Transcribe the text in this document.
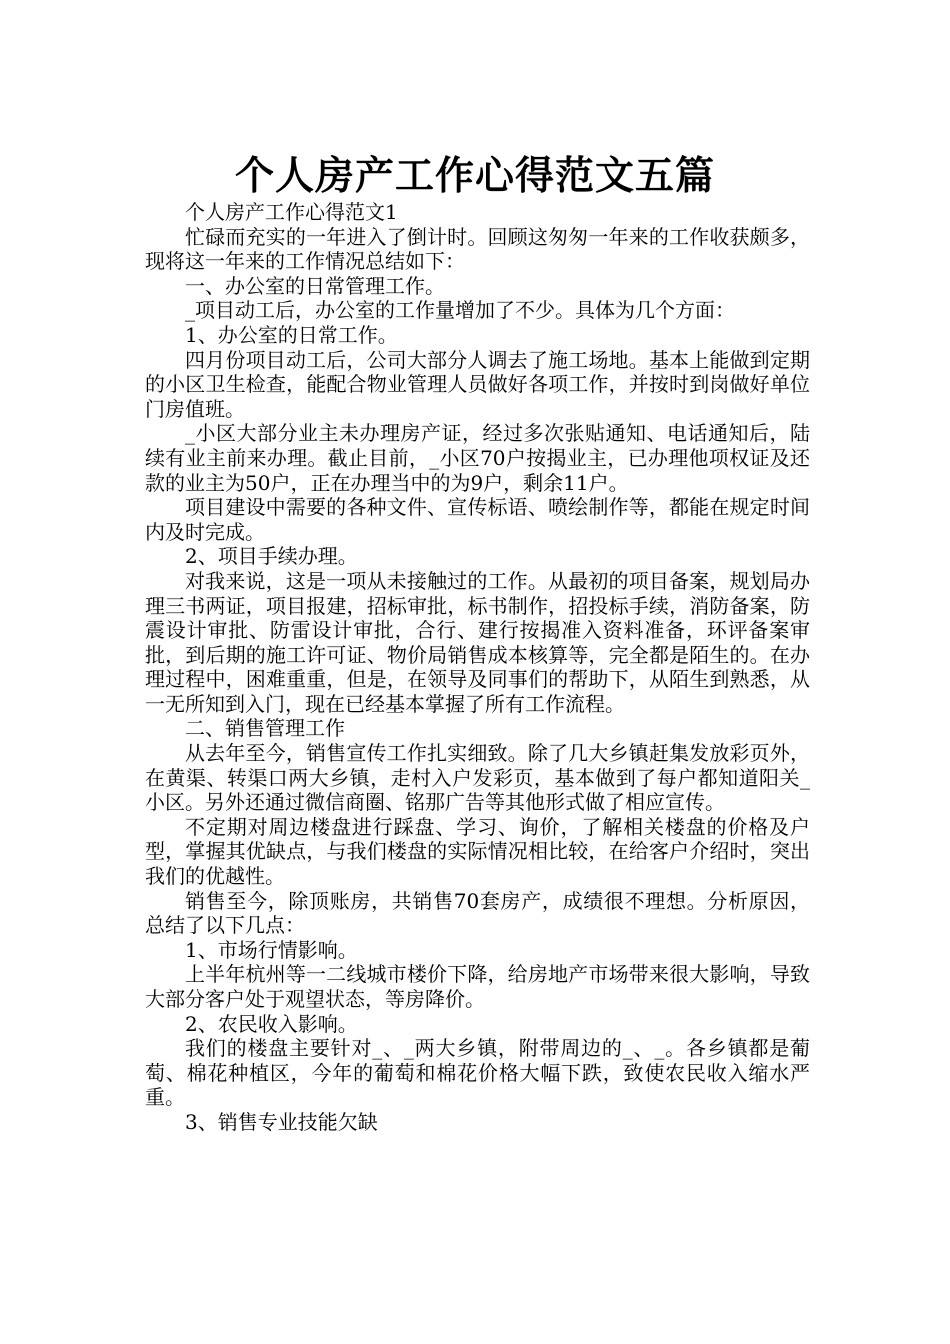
个人房产工作心得范文五篇

个人房产工作心得范文1

忙碌而充实的一年进入了倒计时。回顾这匆匆一年来的工作收获颇多，现将这一年来的工作情况总结如下：

一、办公室的日常管理工作。

_项目动工后，办公室的工作量增加了不少。具体为几个方面：

1、办公室的日常工作。

四月份项目动工后，公司大部分人调去了施工场地。基本上能做到定期的小区卫生检查，能配合物业管理人员做好各项工作，并按时到岗做好单位门房值班。

_小区大部分业主未办理房产证，经过多次张贴通知、电话通知后，陆续有业主前来办理。截止目前，_小区70户按揭业主，已办理他项权证及还款的业主为50户，正在办理当中的为9户，剩余11户。

项目建设中需要的各种文件、宣传标语、喷绘制作等，都能在规定时间内及时完成。

2、项目手续办理。

对我来说，这是一项从未接触过的工作。从最初的项目备案，规划局办理三书两证，项目报建，招标审批，标书制作，招投标手续，消防备案，防震设计审批、防雷设计审批，合行、建行按揭准入资料准备，环评备案审批，到后期的施工许可证、物价局销售成本核算等，完全都是陌生的。在办理过程中，困难重重，但是，在领导及同事们的帮助下，从陌生到熟悉，从一无所知到入门，现在已经基本掌握了所有工作流程。

二、销售管理工作

从去年至今，销售宣传工作扎实细致。除了几大乡镇赶集发放彩页外，在黄渠、转渠口两大乡镇，走村入户发彩页，基本做到了每户都知道阳关_小区。另外还通过微信商圈、铭那广告等其他形式做了相应宣传。

不定期对周边楼盘进行踩盘、学习、询价，了解相关楼盘的价格及户型，掌握其优缺点，与我们楼盘的实际情况相比较，在给客户介绍时，突出我们的优越性。

销售至今，除顶账房，共销售70套房产，成绩很不理想。分析原因，总结了以下几点：

1、市场行情影响。

上半年杭州等一二线城市楼价下降，给房地产市场带来很大影响，导致大部分客户处于观望状态，等房降价。

2、农民收入影响。

我们的楼盘主要针对_、_两大乡镇，附带周边的_、_。各乡镇都是葡萄、棉花种植区，今年的葡萄和棉花价格大幅下跌，致使农民收入缩水严重。

3、销售专业技能欠缺
